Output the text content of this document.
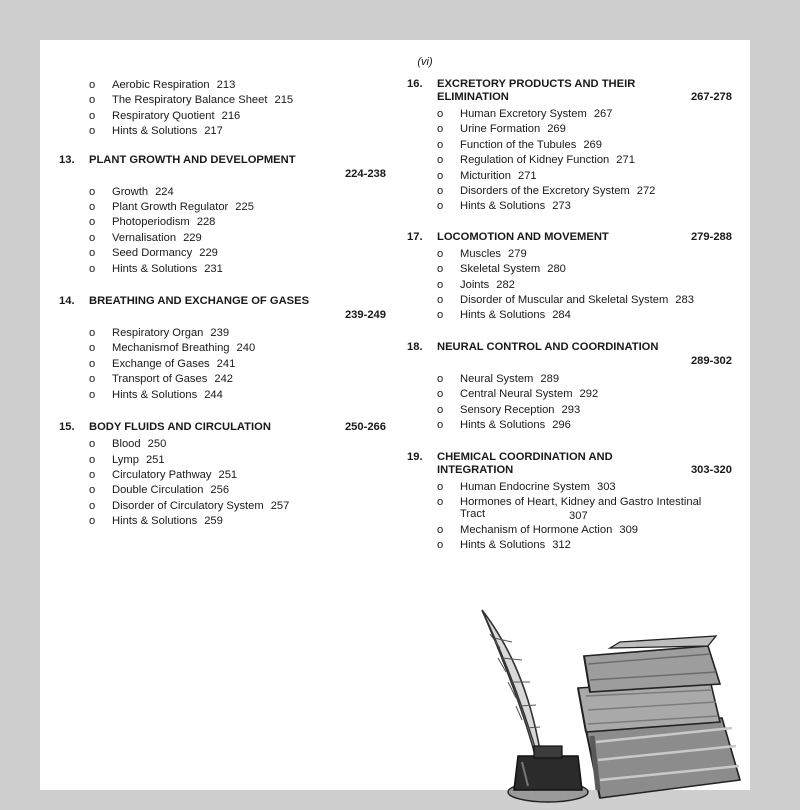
(vi)
o Aerobic Respiration 213
o The Respiratory Balance Sheet 215
o Respiratory Quotient 216
o Hints & Solutions 217
13. PLANT GROWTH AND DEVELOPMENT
224-238
o Growth 224
o Plant Growth Regulator 225
o Photoperiodism 228
o Vernalisation 229
o Seed Dormancy 229
o Hints & Solutions 231
14. BREATHING AND EXCHANGE OF GASES
239-249
o Respiratory Organ 239
o Mechanismof Breathing 240
o Exchange of Gases 241
o Transport of Gases 242
o Hints & Solutions 244
15. BODY FLUIDS AND CIRCULATION	250-266
o Blood 250
o Lymp 251
o Circulatory Pathway 251
o Double Circulation 256
o Disorder of Circulatory System 257
o Hints & Solutions 259
16. EXCRETORY PRODUCTS AND THEIR ELIMINATION	267-278
o Human Excretory System 267
o Urine Formation 269
o Function of the Tubules 269
o Regulation of Kidney Function 271
o Micturition 271
o Disorders of the Excretory System 272
o Hints & Solutions 273
17. LOCOMOTION AND MOVEMENT	279-288
o Muscles 279
o Skeletal System 280
o Joints 282
o Disorder of Muscular and Skeletal System 283
o Hints & Solutions 284
18. NEURAL CONTROL AND COORDINATION
289-302
o Neural System 289
o Central Neural System 292
o Sensory Reception 293
o Hints & Solutions 296
19. CHEMICAL COORDINATION AND INTEGRATION	303-320
o Human Endocrine System 303
o Hormones of Heart, Kidney and Gastro Intestinal Tract	307
o Mechanism of Hormone Action 309
o Hints & Solutions 312
